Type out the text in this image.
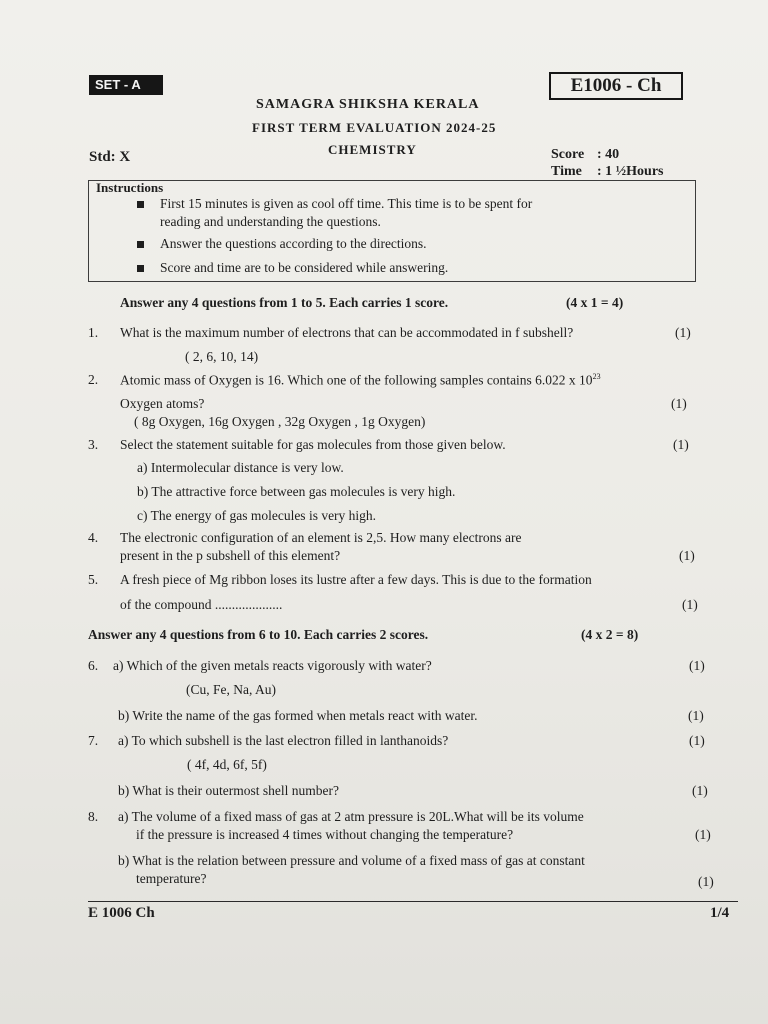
SET - A	E1006 - Ch
SAMAGRA SHIKSHA KERALA
FIRST TERM EVALUATION 2024-25
CHEMISTRY
Std: X	Score : 40
Time : 1 ½Hours
Instructions
First 15 minutes is given as cool off time. This time is to be spent for
reading and understanding the questions.
Answer the questions according to the directions.
Score and time are to be considered while answering.
Answer any 4 questions from 1 to 5. Each carries 1 score.	(4 x 1 = 4)
1. What is the maximum number of electrons that can be accommodated in f subshell?	(1)
( 2, 6, 10, 14)
2. Atomic mass of Oxygen is 16. Which one of the following samples contains 6.022 x $10^{23}$
Oxygen atoms?	(1)
( 8g Oxygen, 16g Oxygen , 32g Oxygen , 1g Oxygen)
3. Select the statement suitable for gas molecules from those given below.	(1)
a) Intermolecular distance is very low.
b) The attractive force between gas molecules is very high.
c) The energy of gas molecules is very high.
4. The electronic configuration of an element is 2,5. How many electrons are
present in the p subshell of this element?	(1)
5. A fresh piece of Mg ribbon loses its lustre after a few days. This is due to the formation
of the compound ....................	(1)
Answer any 4 questions from 6 to 10. Each carries 2 scores.	(4 x 2 = 8)
6. a) Which of the given metals reacts vigorously with water?	(1)
(Cu, Fe, Na, Au)
b) Write the name of the gas formed when metals react with water.	(1)
7. a) To which subshell is the last electron filled in lanthanoids?	(1)
( 4f, 4d, 6f, 5f)
b) What is their outermost shell number?	(1)
8. a) The volume of a fixed mass of gas at 2 atm pressure is 20L.What will be its volume
if the pressure is increased 4 times without changing the temperature?	(1)
b) What is the relation between pressure and volume of a fixed mass of gas at constant
temperature?	(1)
E 1006 Ch	1/4
